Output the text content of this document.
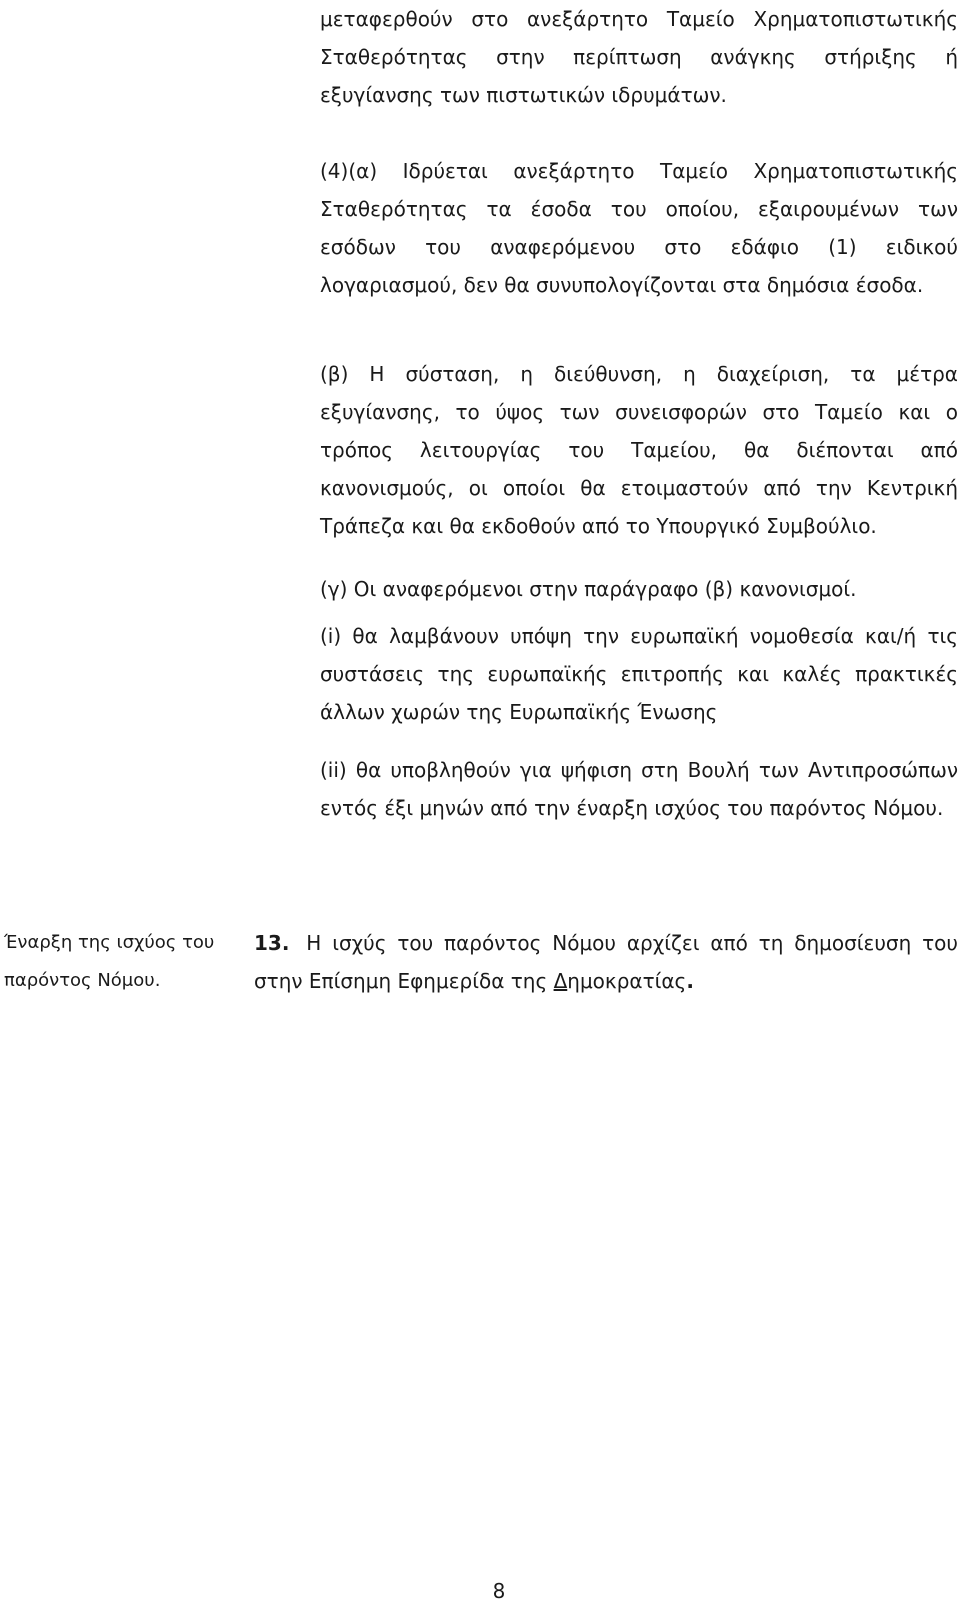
μεταφερθούν στο ανεξάρτητο Ταμείο Χρηματοπιστωτικής Σταθερότητας στην περίπτωση ανάγκης στήριξης ή εξυγίανσης των πιστωτικών ιδρυμάτων.

(4)(α) Ιδρύεται ανεξάρτητο Ταμείο Χρηματοπιστωτικής Σταθερότητας τα έσοδα του οποίου, εξαιρουμένων των εσόδων του αναφερόμενου στο εδάφιο (1) ειδικού λογαριασμού, δεν θα συνυπολογίζονται στα δημόσια έσοδα.

(β) Η σύσταση, η διεύθυνση, η διαχείριση, τα μέτρα εξυγίανσης, το ύψος των συνεισφορών στο Ταμείο και ο τρόπος λειτουργίας του Ταμείου, θα διέπονται από κανονισμούς, οι οποίοι θα ετοιμαστούν από την Κεντρική Τράπεζα και θα εκδοθούν από το Υπουργικό Συμβούλιο.

(γ) Οι αναφερόμενοι στην παράγραφο (β) κανονισμοί.

(i) θα λαμβάνουν υπόψη την ευρωπαϊκή νομοθεσία και/ή τις συστάσεις της ευρωπαϊκής επιτροπής και καλές πρακτικές άλλων χωρών της Ευρωπαϊκής Ένωσης

(ii) θα υποβληθούν για ψήφιση στη Βουλή των Αντιπροσώπων εντός έξι μηνών από την έναρξη ισχύος του παρόντος Νόμου.

Έναρξη της ισχύος του παρόντος Νόμου.
13. Η ισχύς του παρόντος Νόμου αρχίζει από τη δημοσίευση του στην Επίσημη Εφημερίδα της Δημοκρατίας.
8
